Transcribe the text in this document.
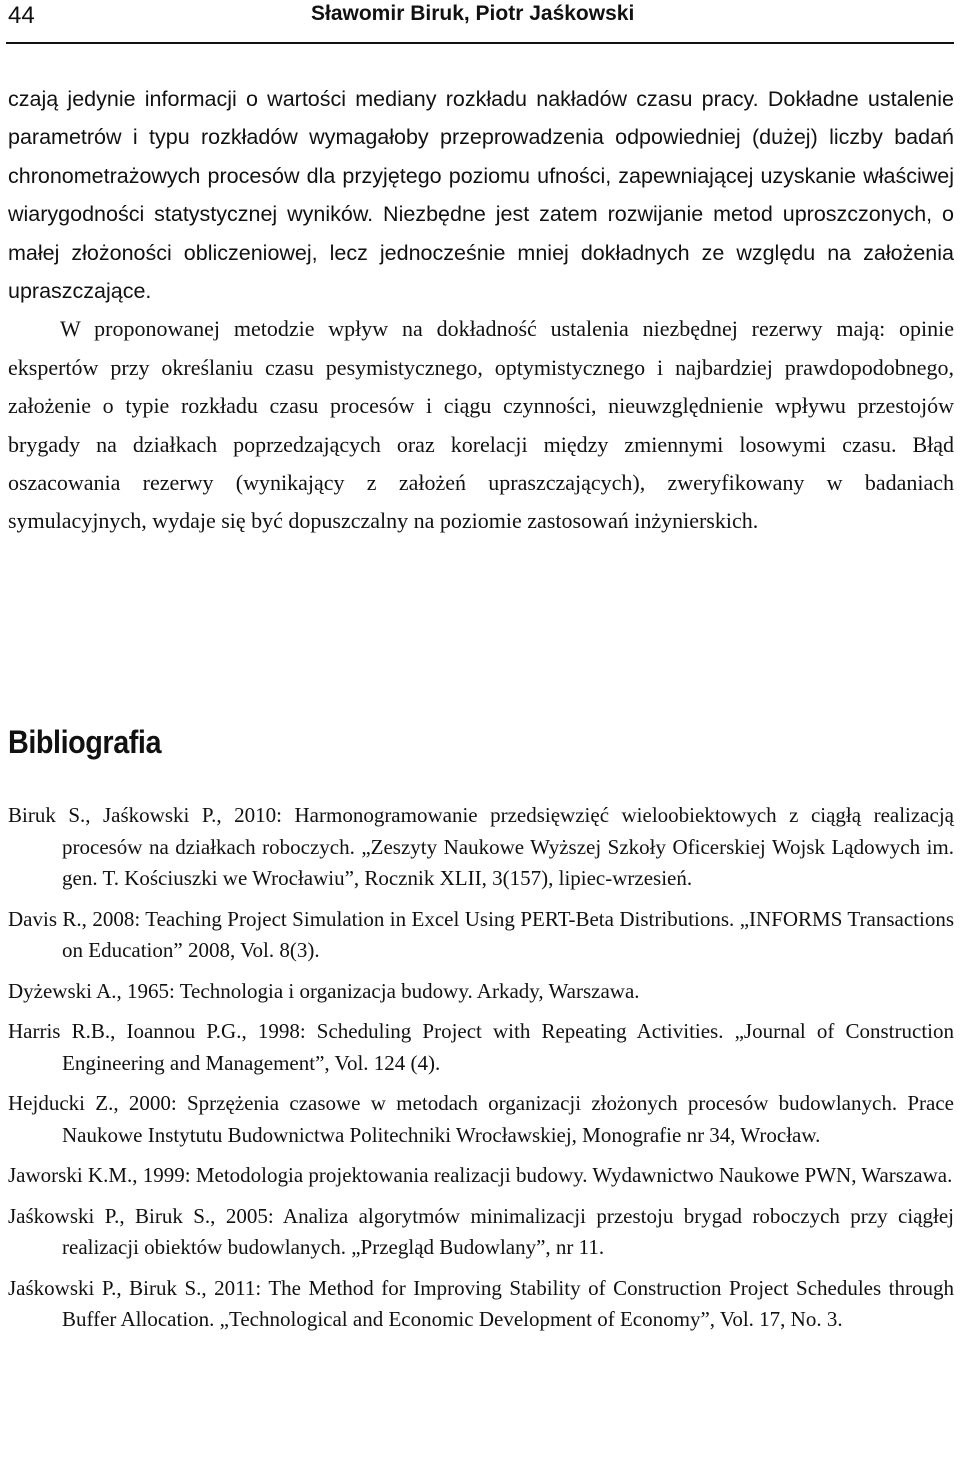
44	Sławomir Biruk, Piotr Jaśkowski

czają jedynie informacji o wartości mediany rozkładu nakładów czasu pracy. Dokładne ustalenie parametrów i typu rozkładów wymagałoby przeprowadzenia odpowiedniej (dużej) liczby badań chronometrażowych procesów dla przyjętego poziomu ufności, zapewniającej uzyskanie właściwej wiarygodności statystycznej wyników. Niezbędne jest zatem rozwijanie metod uproszczonych, o małej złożoności obliczeniowej, lecz jednocześnie mniej dokładnych ze względu na założenia upraszczające.

W proponowanej metodzie wpływ na dokładność ustalenia niezbędnej rezerwy mają: opinie ekspertów przy określaniu czasu pesymistycznego, optymistycznego i najbardziej prawdopodobnego, założenie o typie rozkładu czasu procesów i ciągu czynności, nieuwzględnienie wpływu przestojów brygady na działkach poprzedzających oraz korelacji między zmiennymi losowymi czasu. Błąd oszacowania rezerwy (wynikający z założeń upraszczających), zweryfikowany w badaniach symulacyjnych, wydaje się być dopuszczalny na poziomie zastosowań inżynierskich.

Bibliografia
Biruk S., Jaśkowski P., 2010: Harmonogramowanie przedsięwzięć wieloobiektowych z ciągłą realizacją procesów na działkach roboczych. „Zeszyty Naukowe Wyższej Szkoły Oficerskiej Wojsk Lądowych im. gen. T. Kościuszki we Wrocławiu”, Rocznik XLII, 3(157), lipiec-wrzesień.
Davis R., 2008: Teaching Project Simulation in Excel Using PERT-Beta Distributions. „INFORMS Transactions on Education” 2008, Vol. 8(3).
Dyżewski A., 1965: Technologia i organizacja budowy. Arkady, Warszawa.
Harris R.B., Ioannou P.G., 1998: Scheduling Project with Repeating Activities. „Journal of Construction Engineering and Management”, Vol. 124 (4).
Hejducki Z., 2000: Sprzężenia czasowe w metodach organizacji złożonych procesów budowlanych. Prace Naukowe Instytutu Budownictwa Politechniki Wrocławskiej, Monografie nr 34, Wrocław.
Jaworski K.M., 1999: Metodologia projektowania realizacji budowy. Wydawnictwo Naukowe PWN, Warszawa.
Jaśkowski P., Biruk S., 2005: Analiza algorytmów minimalizacji przestoju brygad roboczych przy ciągłej realizacji obiektów budowlanych. „Przegląd Budowlany”, nr 11.
Jaśkowski P., Biruk S., 2011: The Method for Improving Stability of Construction Project Schedules through Buffer Allocation. „Technological and Economic Development of Economy”, Vol. 17, No. 3.
